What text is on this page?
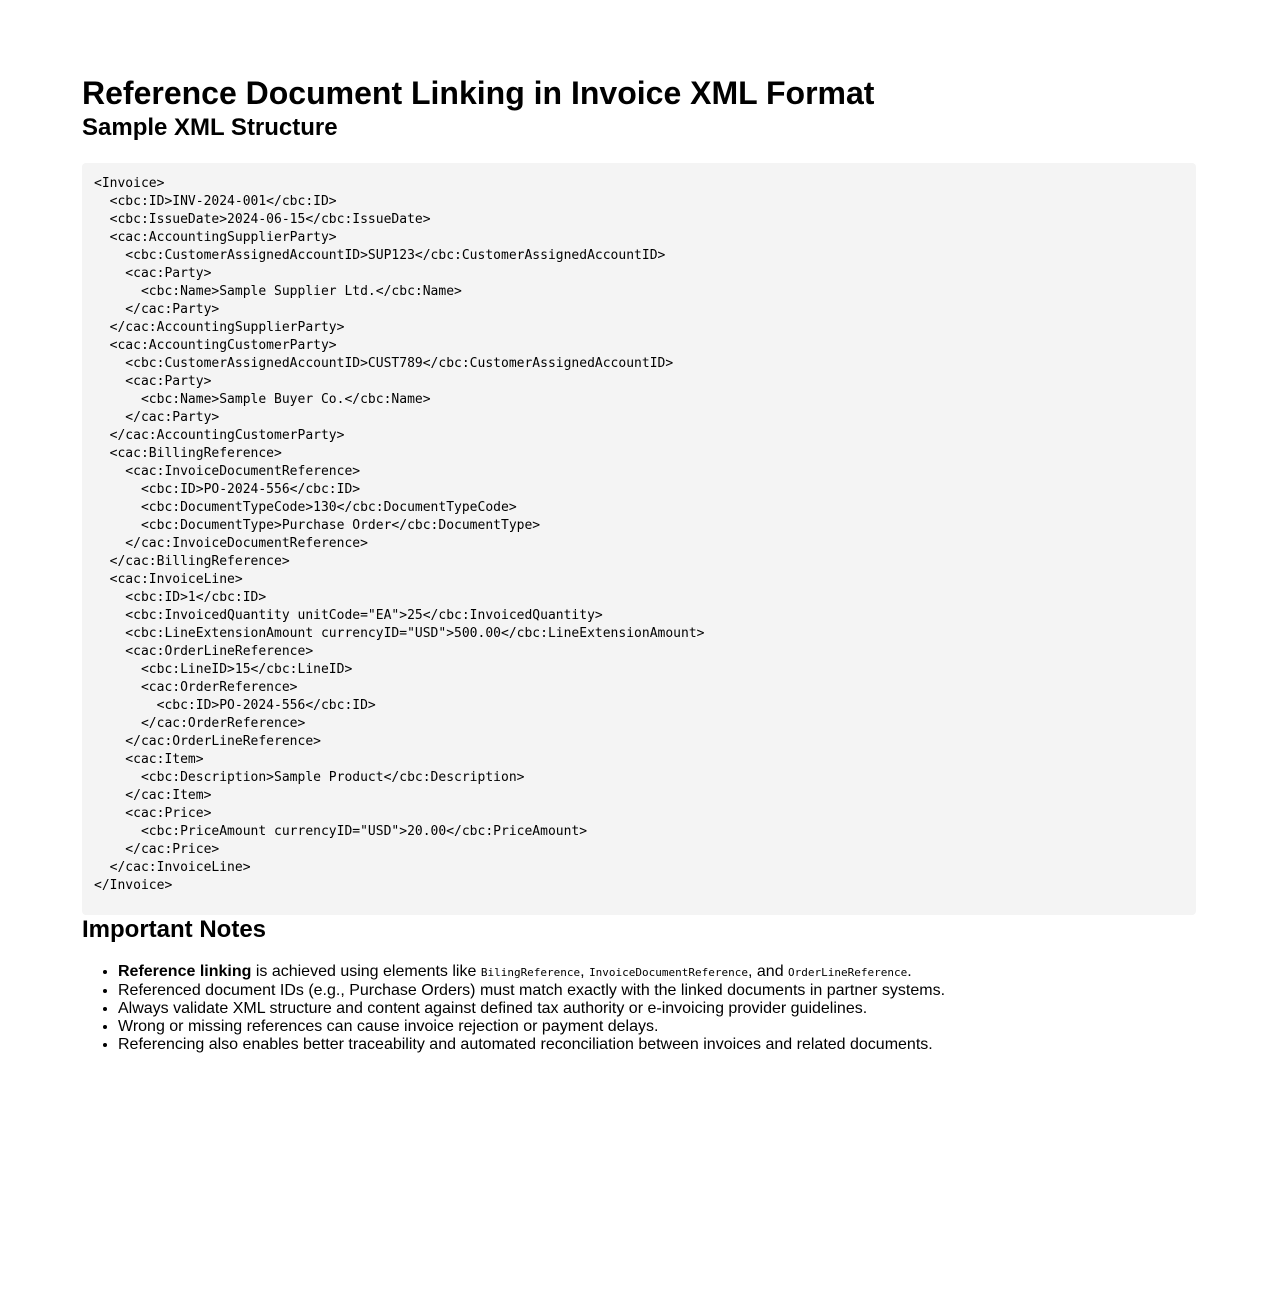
Reference Document Linking in Invoice XML Format
Sample XML Structure
<Invoice>
<cbc:ID>INV-2024-001</cbc:ID>
<cbc:IssueDate>2024-06-15</cbc:IssueDate>
<cac:AccountingSupplierParty>
<cbc:CustomerAssignedAccountID>SUP123</cbc:CustomerAssignedAccountID>
<cac:Party>
<cbc:Name>Sample Supplier Ltd.</cbc:Name>
</cac:Party>
</cac:AccountingSupplierParty>
<cac:AccountingCustomerParty>
<cbc:CustomerAssignedAccountID>CUST789</cbc:CustomerAssignedAccountID>
<cac:Party>
<cbc:Name>Sample Buyer Co.</cbc:Name>
</cac:Party>
</cac:AccountingCustomerParty>
<cac:BillingReference>
<cac:InvoiceDocumentReference>
<cbc:ID>PO-2024-556</cbc:ID>
<cbc:DocumentTypeCode>130</cbc:DocumentTypeCode>
<cbc:DocumentType>Purchase Order</cbc:DocumentType>
</cac:InvoiceDocumentReference>
</cac:BillingReference>
<cac:InvoiceLine>
<cbc:ID>1</cbc:ID>
<cbc:InvoicedQuantity unitCode="EA">25</cbc:InvoicedQuantity>
<cbc:LineExtensionAmount currencyID="USD">500.00</cbc:LineExtensionAmount>
<cac:OrderLineReference>
<cbc:LineID>15</cbc:LineID>
<cac:OrderReference>
<cbc:ID>PO-2024-556</cbc:ID>
</cac:OrderReference>
</cac:OrderLineReference>
<cac:Item>
<cbc:Description>Sample Product</cbc:Description>
</cac:Item>
<cac:Price>
<cbc:PriceAmount currencyID="USD">20.00</cbc:PriceAmount>
</cac:Price>
</cac:InvoiceLine>
</Invoice>
Important Notes
• Reference linking is achieved using elements like BilingReference, InvoiceDocumentReference, and OrderLineReference.
• Referenced document IDs (e.g., Purchase Orders) must match exactly with the linked documents in partner systems.
• Always validate XML structure and content against defined tax authority or e-invoicing provider guidelines.
• Wrong or missing references can cause invoice rejection or payment delays.
• Referencing also enables better traceability and automated reconciliation between invoices and related documents.
